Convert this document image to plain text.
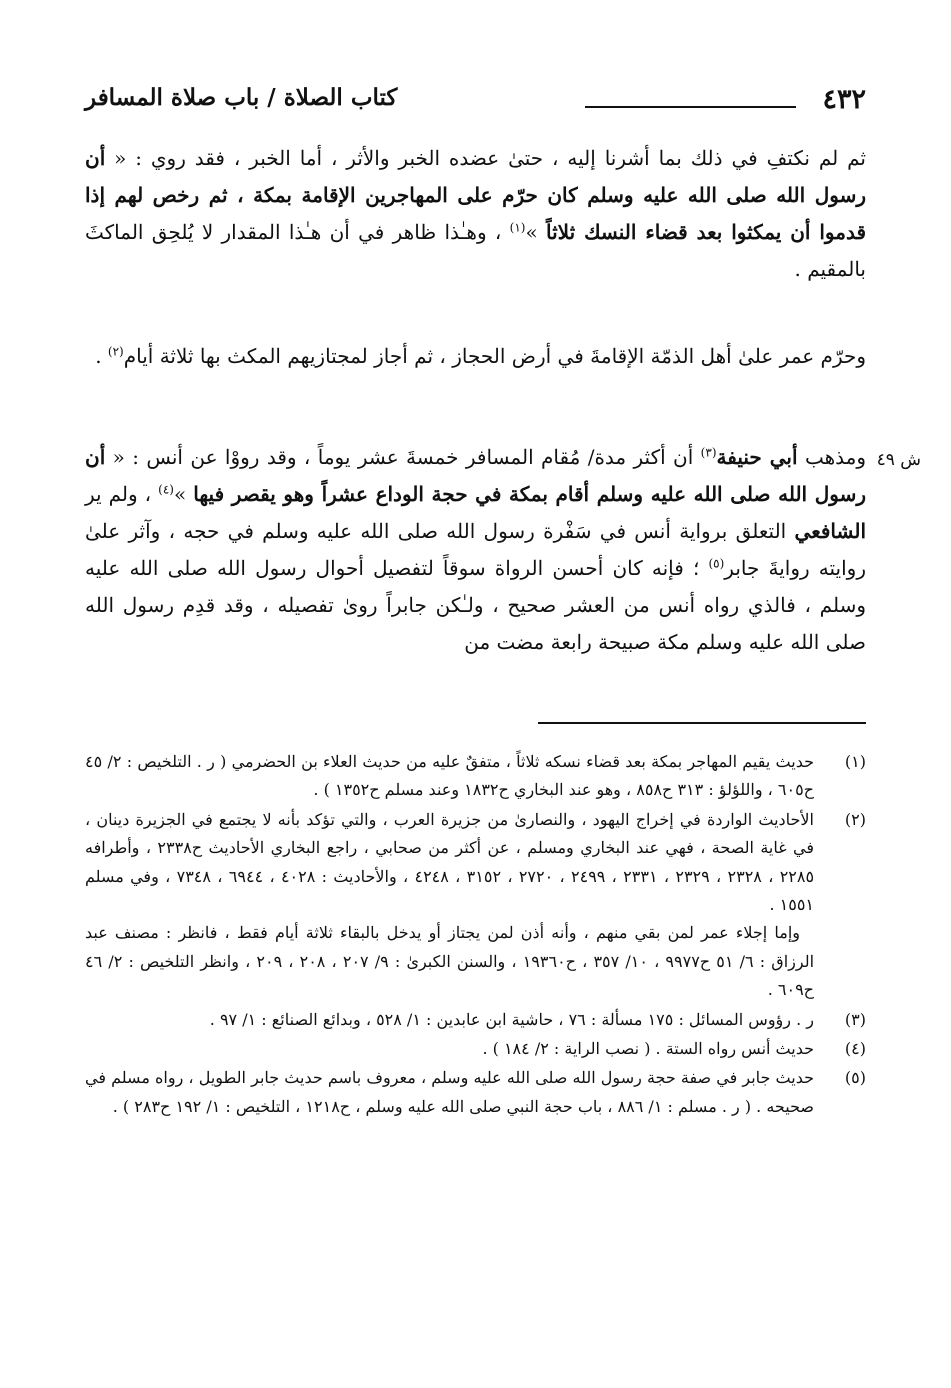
٤٣٢
كتاب الصلاة / باب صلاة المسافر

ثم لم نكتفِ في ذلك بما أشرنا إليه ، حتىٰ عضده الخبر والأثر ، أما الخبر ، فقد روي : « أن رسول الله صلى الله عليه وسلم كان حرّم على المهاجرين الإقامة بمكة ، ثم رخص لهم إذا قدموا أن يمكثوا بعد قضاء النسك ثلاثاً »$^{(١)}$ ، وهـٰذا ظاهر في أن هـٰذا المقدار لا يُلحِق الماكثَ بالمقيم .

وحرّم عمر علىٰ أهل الذمّة الإقامةَ في أرض الحجاز ، ثم أجاز لمجتازيهم المكث بها ثلاثة أيام$^{(٢)}$ .

ش ٤٩

ومذهب أبي حنيفة$^{(٣)}$ أن أكثر مدة/ مُقام المسافر خمسةَ عشر يوماً ، وقد رووْا عن أنس : « أن رسول الله صلى الله عليه وسلم أقام بمكة في حجة الوداع عشراً وهو يقصر فيها »$^{(٤)}$ ، ولم ير الشافعي التعلق برواية أنس في سَفْرة رسول الله صلى الله عليه وسلم في حجه ، وآثر علىٰ روايته روايةَ جابر$^{(٥)}$ ؛ فإنه كان أحسن الرواة سوقاً لتفصيل أحوال رسول الله صلى الله عليه وسلم ، فالذي رواه أنس من العشر صحيح ، ولـٰكن جابراً رویٰ تفصيله ، وقد قدِم رسول الله صلى الله عليه وسلم مكة صبيحة رابعة مضت من

(١)

حديث يقيم المهاجر بمكة بعد قضاء نسكه ثلاثاً ، متفقٌ عليه من حديث العلاء بن الحضرمي ( ر . التلخيص : ٢/ ٤٥ ح٦٠٥ ، واللؤلؤ : ٣١٣ ح٨٥٨ ، وهو عند البخاري ح١٨٣٢ وعند مسلم ح١٣٥٢ ) .

(٢)

الأحاديث الواردة في إخراج اليهود ، والنصارىٰ من جزيرة العرب ، والتي تؤكد بأنه لا يجتمع في الجزيرة دينان ، في غاية الصحة ، فهي عند البخاري ومسلم ، عن أكثر من صحابي ، راجع البخاري الأحاديث ح٢٣٣٨ ، وأطرافه ٢٢٨٥ ، ٢٣٢٨ ، ٢٣٢٩ ، ٢٣٣١ ، ٢٤٩٩ ، ٢٧٢٠ ، ٣١٥٢ ، ٤٢٤٨ ، والأحاديث : ٤٠٢٨ ، ٦٩٤٤ ، ٧٣٤٨ ، وفي مسلم ١٥٥١ .

وإما إجلاء عمر لمن بقي منهم ، وأنه أذن لمن يجتاز أو يدخل بالبقاء ثلاثة أيام فقط ، فانظر : مصنف عبد الرزاق : ٦/ ٥١ ح٩٩٧٧ ، ١٠/ ٣٥٧ ، ح١٩٣٦٠ ، والسنن الكبرىٰ : ٩/ ٢٠٧ ، ٢٠٨ ، ٢٠٩ ، وانظر التلخيص : ٢/ ٤٦ ح٦٠٩ .

(٣)

ر . رؤوس المسائل : ١٧٥ مسألة : ٧٦ ، حاشية ابن عابدين : ١/ ٥٢٨ ، وبدائع الصنائع : ١/ ٩٧ .

(٤)

حديث أنس رواه الستة . ( نصب الراية : ٢/ ١٨٤ ) .

(٥)

حديث جابر في صفة حجة رسول الله صلى الله عليه وسلم ، معروف باسم حديث جابر الطويل ، رواه مسلم في صحيحه . ( ر . مسلم : ١/ ٨٨٦ ، باب حجة النبي صلى الله عليه وسلم ، ح١٢١٨ ، التلخيص : ١/ ١٩٢ ح٢٨٣ ) .
